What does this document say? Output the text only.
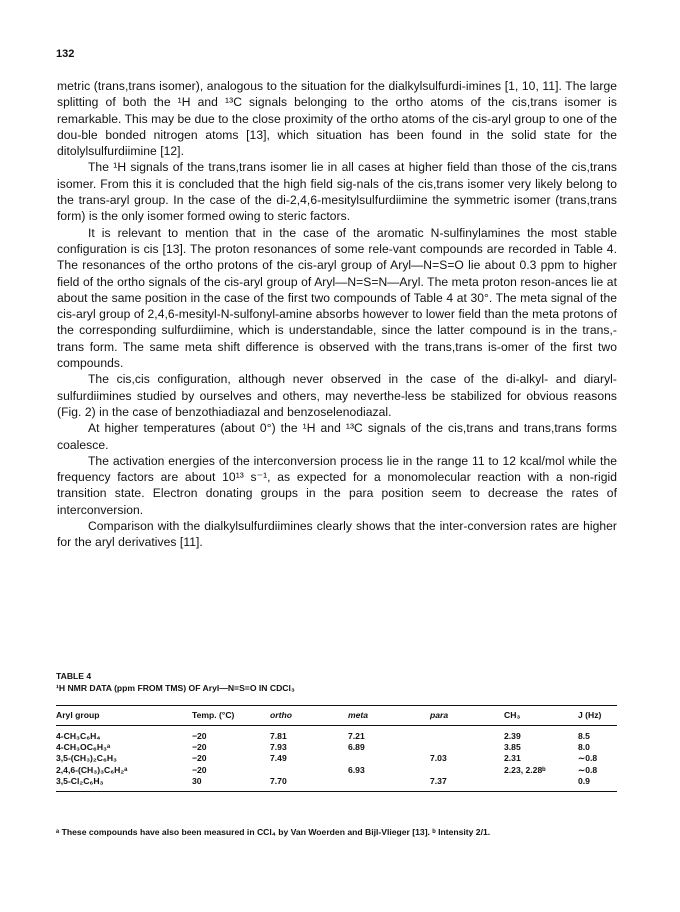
132

metric (trans,trans isomer), analogous to the situation for the dialkylsulfurdi-imines [1, 10, 11]. The large splitting of both the ¹H and ¹³C signals belonging to the ortho atoms of the cis,trans isomer is remarkable. This may be due to the close proximity of the ortho atoms of the cis-aryl group to one of the dou-ble bonded nitrogen atoms [13], which situation has been found in the solid state for the ditolylsulfurdiimine [12].

The ¹H signals of the trans,trans isomer lie in all cases at higher field than those of the cis,trans isomer. From this it is concluded that the high field sig-nals of the cis,trans isomer very likely belong to the trans-aryl group. In the case of the di-2,4,6-mesitylsulfurdiimine the symmetric isomer (trans,trans form) is the only isomer formed owing to steric factors.

It is relevant to mention that in the case of the aromatic N-sulfinylamines the most stable configuration is cis [13]. The proton resonances of some rele-vant compounds are recorded in Table 4. The resonances of the ortho protons of the cis-aryl group of Aryl—N=S=O lie about 0.3 ppm to higher field of the ortho signals of the cis-aryl group of Aryl—N=S=N—Aryl. The meta proton reson-ances lie at about the same position in the case of the first two compounds of Table 4 at 30°. The meta signal of the cis-aryl group of 2,4,6-mesityl-N-sulfonyl-amine absorbs however to lower field than the meta protons of the corresponding sulfurdiimine, which is understandable, since the latter compound is in the trans,-trans form. The same meta shift difference is observed with the trans,trans is-omer of the first two compounds.

The cis,cis configuration, although never observed in the case of the di-alkyl- and diaryl-sulfurdiimines studied by ourselves and others, may neverthe-less be stabilized for obvious reasons (Fig. 2) in the case of benzothiadiazal and benzoselenodiazal.

At higher temperatures (about 0°) the ¹H and ¹³C signals of the cis,trans and trans,trans forms coalesce.

The activation energies of the interconversion process lie in the range 11 to 12 kcal/mol while the frequency factors are about 10¹³ s⁻¹, as expected for a monomolecular reaction with a non-rigid transition state. Electron donating groups in the para position seem to decrease the rates of interconversion.

Comparison with the dialkylsulfurdiimines clearly shows that the inter-conversion rates are higher for the aryl derivatives [11].

TABLE 4
¹H NMR DATA (ppm FROM TMS) OF Aryl—N=S=O IN CDCl₃
Aryl group	Temp. (°C)	ortho	meta	para	CH₃	J (Hz)
4-CH₃C₆H₄	−20	7.81	7.21		2.39	8.5
4-CH₃OC₆H₃ᵃ	−20	7.93	6.89		3.85	8.0
3,5-(CH₃)₂C₆H₃	−20	7.49		7.03	2.31	∼0.8
2,4,6-(CH₃)₃C₆H₂ᵃ	−20		6.93		2.23, 2.28ᵇ	∼0.8
3,5-Cl₂C₆H₃	30	7.70		7.37		0.9
ᵃ These compounds have also been measured in CCl₄ by Van Woerden and Bijl-Vlieger [13]. ᵇ Intensity 2/1.
